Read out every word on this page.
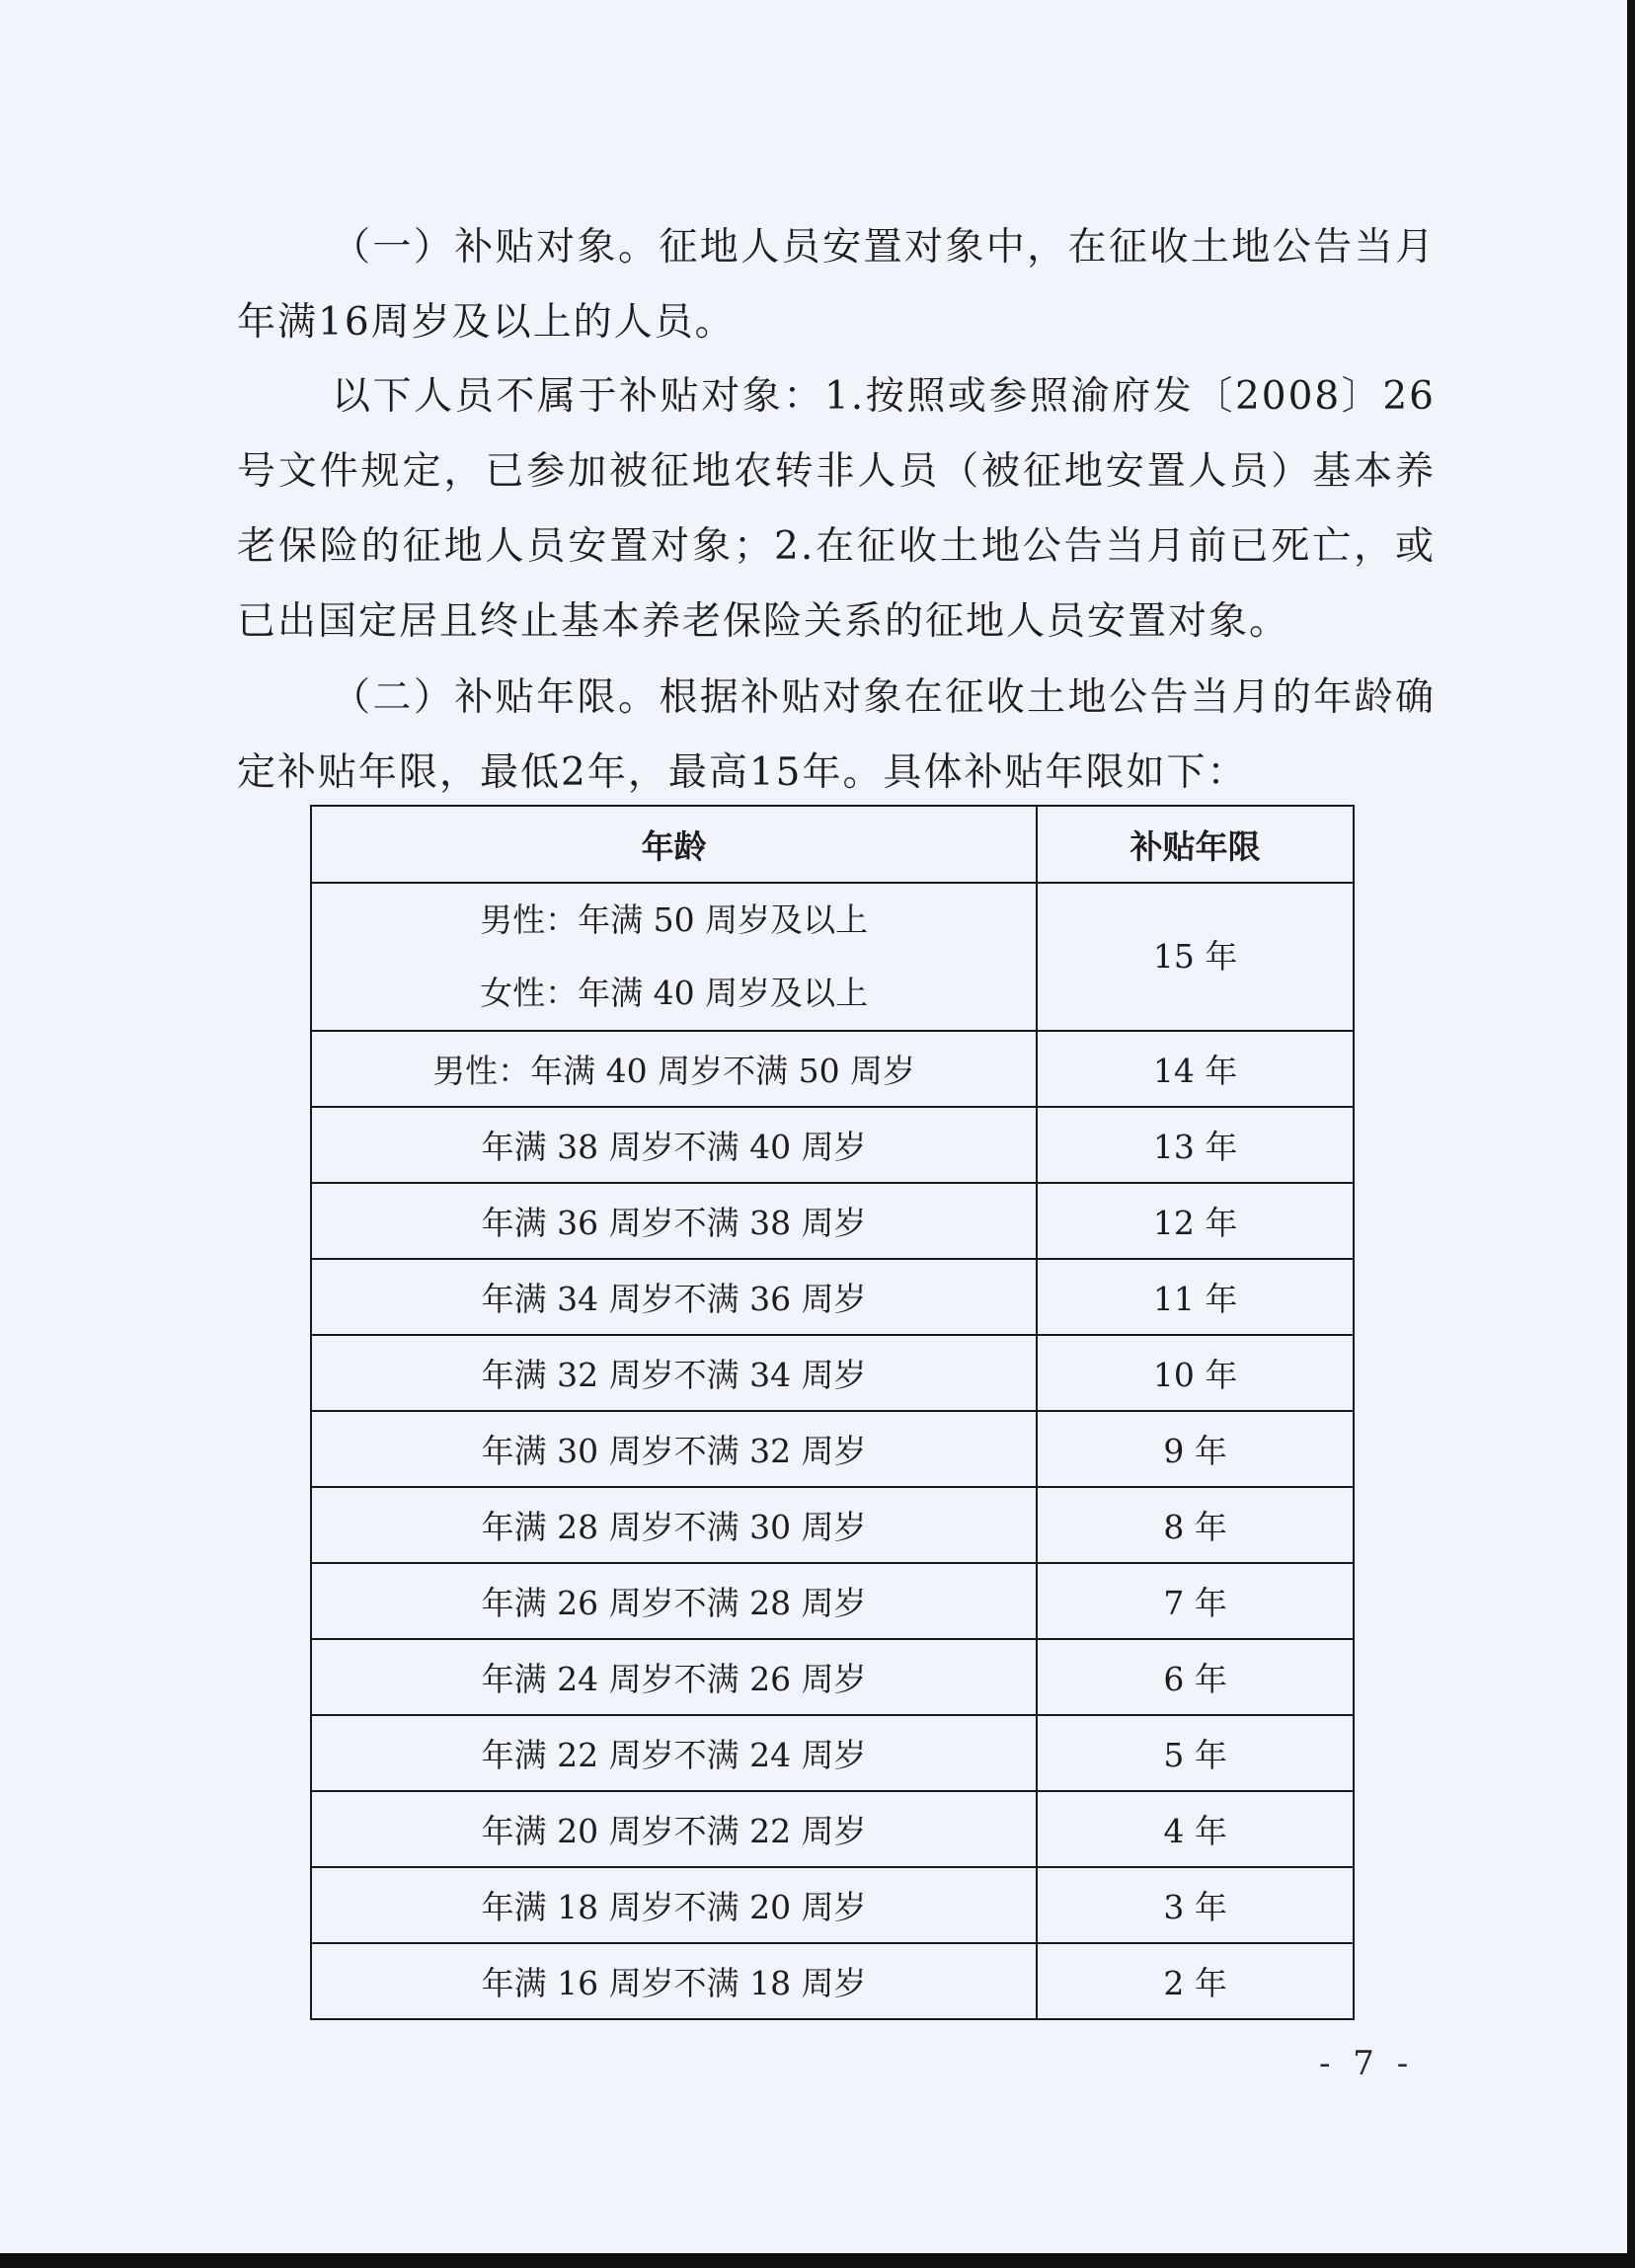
（一）补贴对象。征地人员安置对象中，在征收土地公告当月年满16周岁及以上的人员。

以下人员不属于补贴对象：1.按照或参照渝府发〔2008〕26号文件规定，已参加被征地农转非人员（被征地安置人员）基本养老保险的征地人员安置对象；2.在征收土地公告当月前已死亡，或已出国定居且终止基本养老保险关系的征地人员安置对象。

（二）补贴年限。根据补贴对象在征收土地公告当月的年龄确定补贴年限，最低2年，最高15年。具体补贴年限如下：

年龄	补贴年限

男性：年满 50 周岁及以上
女性：年满 40 周岁及以上	15 年
男性：年满 40 周岁不满 50 周岁	14 年
年满 38 周岁不满 40 周岁	13 年
年满 36 周岁不满 38 周岁	12 年
年满 34 周岁不满 36 周岁	11 年
年满 32 周岁不满 34 周岁	10 年
年满 30 周岁不满 32 周岁	9 年
年满 28 周岁不满 30 周岁	8 年
年满 26 周岁不满 28 周岁	7 年
年满 24 周岁不满 26 周岁	6 年
年满 22 周岁不满 24 周岁	5 年
年满 20 周岁不满 22 周岁	4 年
年满 18 周岁不满 20 周岁	3 年
年满 16 周岁不满 18 周岁	2 年
- 7 -
